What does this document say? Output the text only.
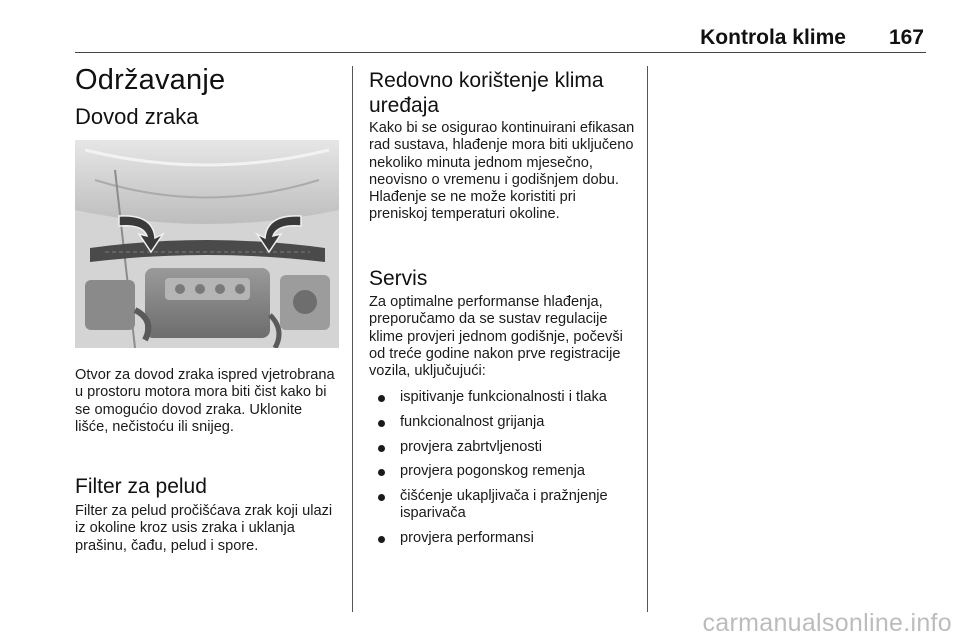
Kontrola klime 167
Održavanje
Dovod zraka

Otvor za dovod zraka ispred vjetrobrana u prostoru motora mora biti čist kako bi se omogućio dovod zraka. Uklonite lišće, nečistoću ili snijeg.

Filter za pelud

Filter za pelud pročišćava zrak koji ulazi iz okoline kroz usis zraka i uklanja prašinu, čađu, pelud i spore.

Redovno korištenje klima uređaja

Kako bi se osigurao kontinuirani efikasan rad sustava, hlađenje mora biti uključeno nekoliko minuta jednom mjesečno, neovisno o vremenu i godišnjem dobu. Hlađenje se ne može koristiti pri preniskoj temperaturi okoline.

Servis

Za optimalne performanse hlađenja, preporučamo da se sustav regulacije klime provjeri jednom godišnje, počevši od treće godine nakon prve registracije vozila, uključujući:

ispitivanje funkcionalnosti i tlaka
funkcionalnost grijanja
provjera zabrtvljenosti
provjera pogonskog remenja
čišćenje ukapljivača i pražnjenje isparivača
provjera performansi
carmanualsonline.info
